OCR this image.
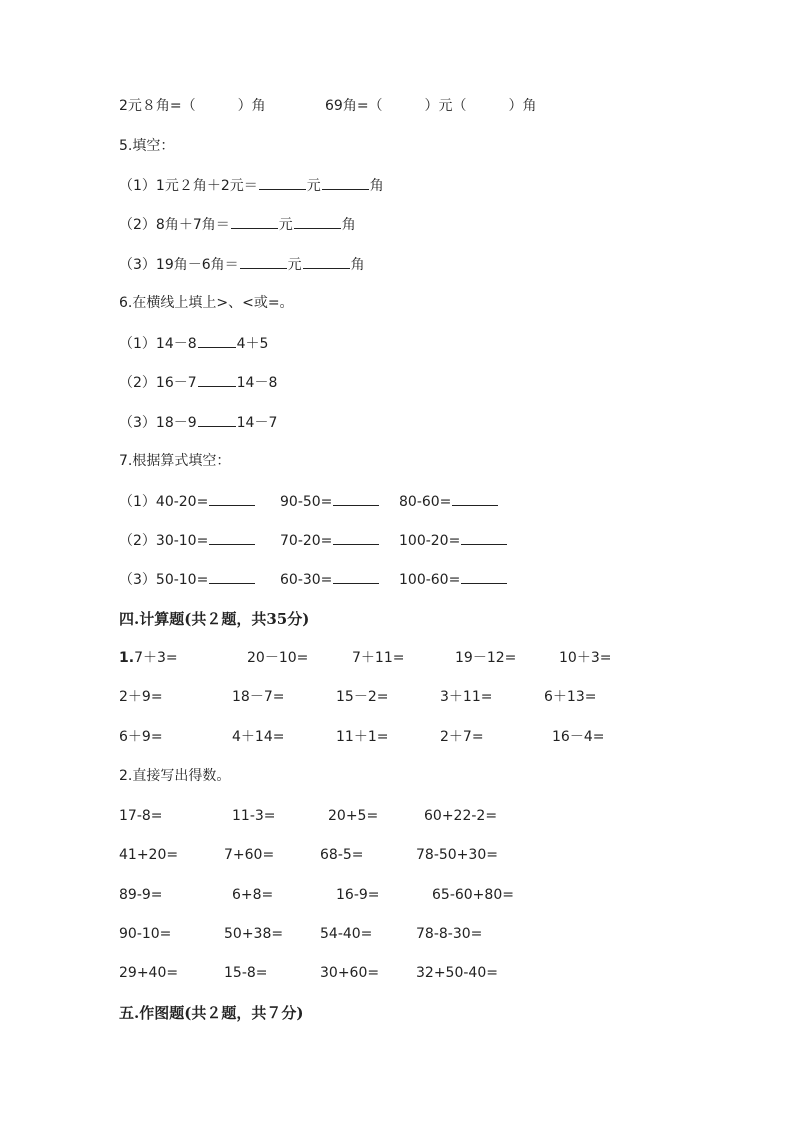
2元８角=（　　　）角	69角=（　　　）元（　　　）角
5.填空：
（1）1元２角＋2元＝	元	角
（2）8角＋7角＝	元	角
（3）19角－6角＝	元	角
6.在横线上填上>、<或=。
（1）14－8	4＋5
（2）16－7	14－8
（3）18－9	14－7
7.根据算式填空：
（1）40-20=	90-50=	80-60=
（2）30-10=	70-20=	100-20=
（3）50-10=	60-30=	100-60=
四.计算题(共２题，共35分)
1.7＋3=	20－10=	7＋11=	19－12=	10＋3=
2＋9=	18－7=	15－2=	3＋11=	6＋13=
6＋9=	4＋14=	11＋1=	2＋7=	16－4=
2.直接写出得数。
17-8=	11-3=	20+5=	60+22-2=
41+20=	7+60=	68-5=	78-50+30=
89-9=	6+8=	16-9=	65-60+80=
90-10=	50+38=	54-40=	78-8-30=
29+40=	15-8=	30+60=	32+50-40=
五.作图题(共２题，共７分)
